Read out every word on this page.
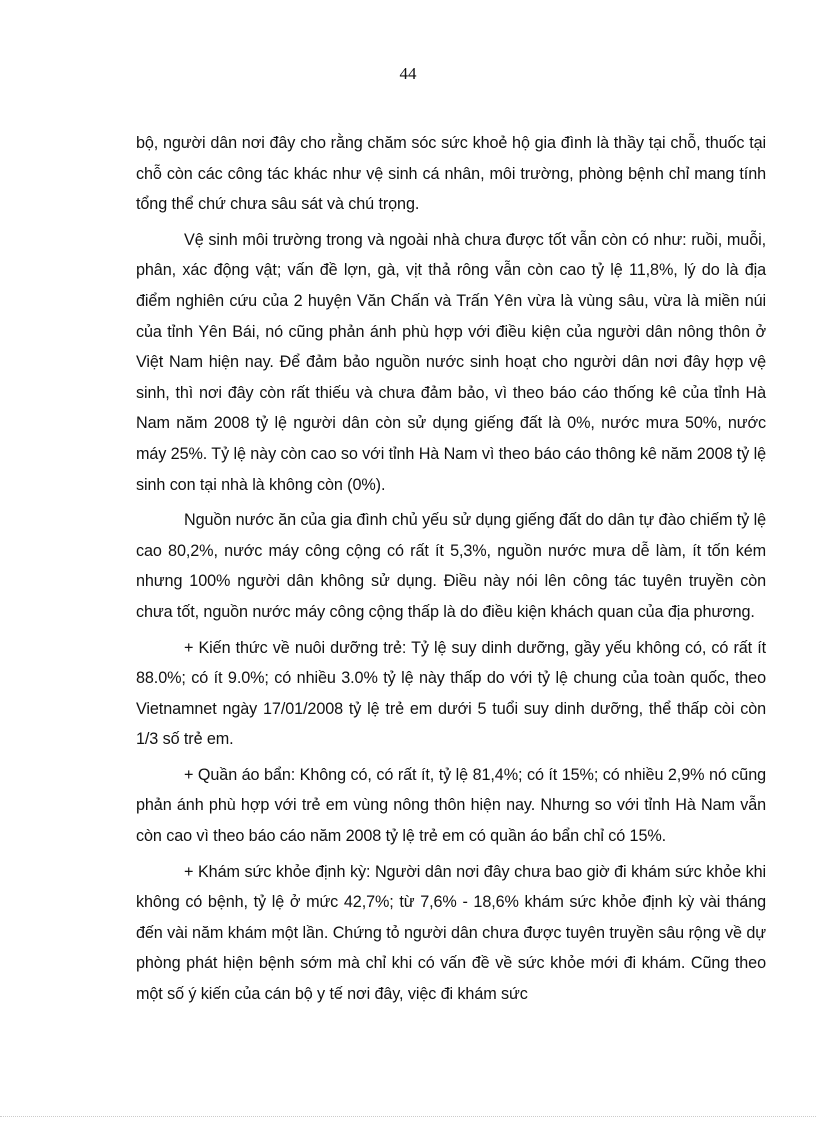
44

bộ, người dân nơi đây cho rằng chăm sóc sức khoẻ hộ gia đình là thầy tại chỗ, thuốc tại chỗ còn các công tác khác như vệ sinh cá nhân, môi trường, phòng bệnh chỉ mang tính tổng thể chứ chưa sâu sát và chú trọng.

Vệ sinh môi trường trong và ngoài nhà chưa được tốt vẫn còn có như: ruồi, muỗi, phân, xác động vật; vấn đề lợn, gà, vịt thả rông vẫn còn cao tỷ lệ 11,8%, lý do là địa điểm nghiên cứu của 2 huyện Văn Chấn và Trấn Yên vừa là vùng sâu, vừa là miền núi của tỉnh Yên Bái, nó cũng phản ánh phù hợp với điều kiện của người dân nông thôn ở Việt Nam hiện nay. Để đảm bảo nguồn nước sinh hoạt cho người dân nơi đây hợp vệ sinh, thì nơi đây còn rất thiếu và chưa đảm bảo, vì theo báo cáo thống kê của tỉnh Hà Nam năm 2008 tỷ lệ người dân còn sử dụng giếng đất là 0%, nước mưa 50%, nước máy 25%. Tỷ lệ này còn cao so với tỉnh Hà Nam vì theo báo cáo thông kê năm 2008 tỷ lệ sinh con tại nhà là không còn (0%).

Nguồn nước ăn của gia đình chủ yếu sử dụng giếng đất do dân tự đào chiếm tỷ lệ cao 80,2%, nước máy công cộng có rất ít 5,3%, nguồn nước mưa dễ làm, ít tốn kém nhưng 100% người dân không sử dụng. Điều này nói lên công tác tuyên truyền còn chưa tốt, nguồn nước máy công cộng thấp là do điều kiện khách quan của địa phương.

+ Kiến thức về nuôi dưỡng trẻ: Tỷ lệ suy dinh dưỡng, gầy yếu không có, có rất ít 88.0%; có ít 9.0%; có nhiều 3.0% tỷ lệ này thấp do với tỷ lệ chung của toàn quốc, theo Vietnamnet ngày 17/01/2008 tỷ lệ trẻ em dưới 5 tuổi suy dinh dưỡng, thể thấp còi còn 1/3 số trẻ em.

+ Quần áo bẩn: Không có, có rất ít, tỷ lệ 81,4%; có ít 15%; có nhiều 2,9% nó cũng phản ánh phù hợp với trẻ em vùng nông thôn hiện nay. Nhưng so với tỉnh Hà Nam vẫn còn cao vì theo báo cáo năm 2008 tỷ lệ trẻ em có quần áo bẩn chỉ có 15%.

+ Khám sức khỏe định kỳ: Người dân nơi đây chưa bao giờ đi khám sức khỏe khi không có bệnh, tỷ lệ ở mức 42,7%; từ 7,6% - 18,6% khám sức khỏe định kỳ vài tháng đến vài năm khám một lần. Chứng tỏ người dân chưa được tuyên truyền sâu rộng về dự phòng phát hiện bệnh sớm mà chỉ khi có vấn đề về sức khỏe mới đi khám. Cũng theo một số ý kiến của cán bộ y tế nơi đây, việc đi khám sức
